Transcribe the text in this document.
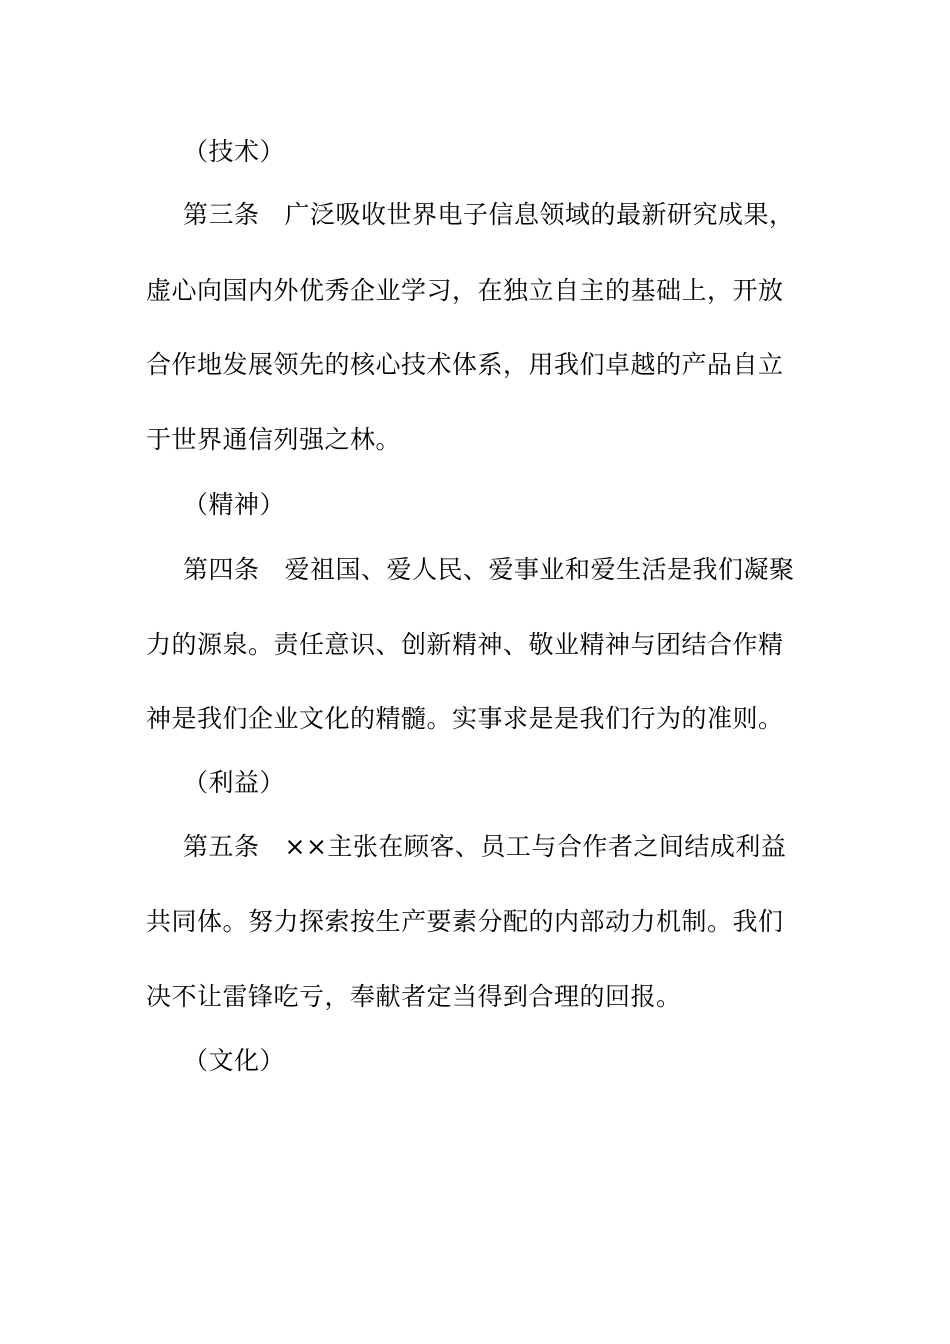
（技术）
第三条 广泛吸收世界电子信息领域的最新研究成果，
虚心向国内外优秀企业学习，在独立自主的基础上，开放
合作地发展领先的核心技术体系，用我们卓越的产品自立
于世界通信列强之林。
（精神）
第四条 爱祖国、爱人民、爱事业和爱生活是我们凝聚
力的源泉。责任意识、创新精神、敬业精神与团结合作精
神是我们企业文化的精髓。实事求是是我们行为的准则。
（利益）
第五条 ××主张在顾客、员工与合作者之间结成利益
共同体。努力探索按生产要素分配的内部动力机制。我们
决不让雷锋吃亏，奉献者定当得到合理的回报。
（文化）
